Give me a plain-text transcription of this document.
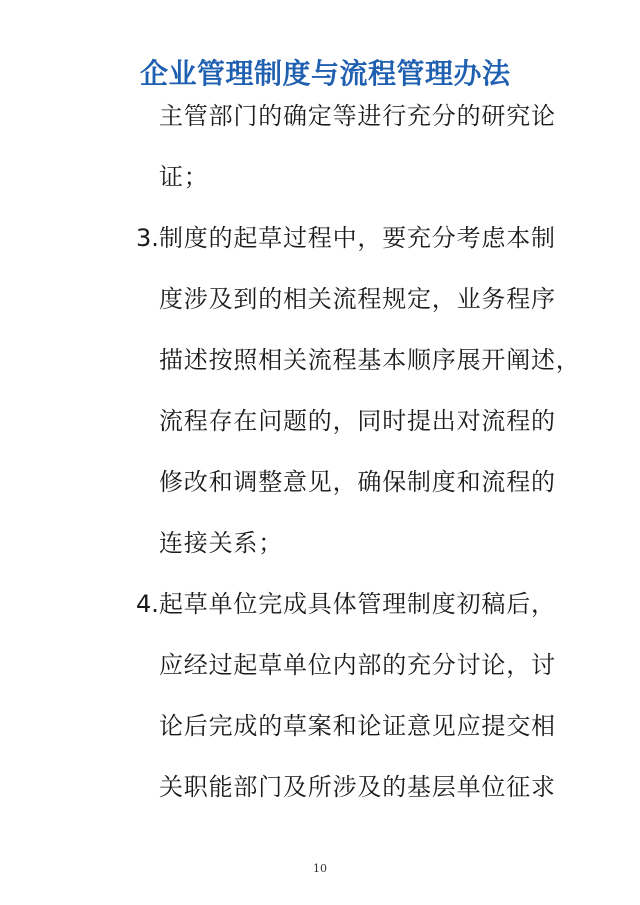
企业管理制度与流程管理办法
主管部门的确定等进行充分的研究论
证；
3. 制度的起草过程中，要充分考虑本制
度涉及到的相关流程规定，业务程序
描述按照相关流程基本顺序展开阐述，
流程存在问题的，同时提出对流程的
修改和调整意见，确保制度和流程的
连接关系；
4. 起草单位完成具体管理制度初稿后，
应经过起草单位内部的充分讨论，讨
论后完成的草案和论证意见应提交相
关职能部门及所涉及的基层单位征求
10
